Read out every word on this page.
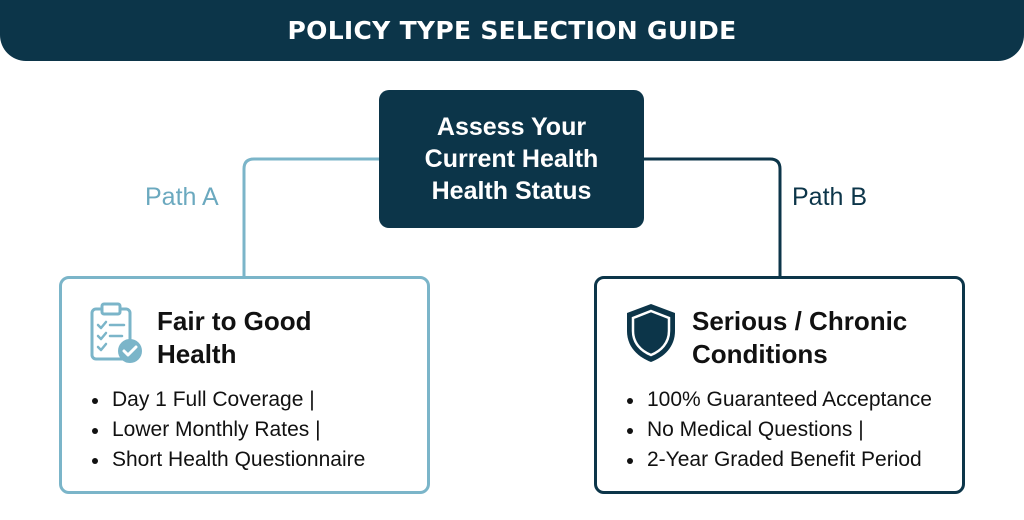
POLICY TYPE SELECTION GUIDE
Assess Your
Current Health
Health Status
Path A	Path B
Fair to Good
Health
Day 1 Full Coverage |
Lower Monthly Rates |
Short Health Questionnaire
Serious / Chronic
Conditions
100% Guaranteed Acceptance
No Medical Questions |
2-Year Graded Benefit Period
